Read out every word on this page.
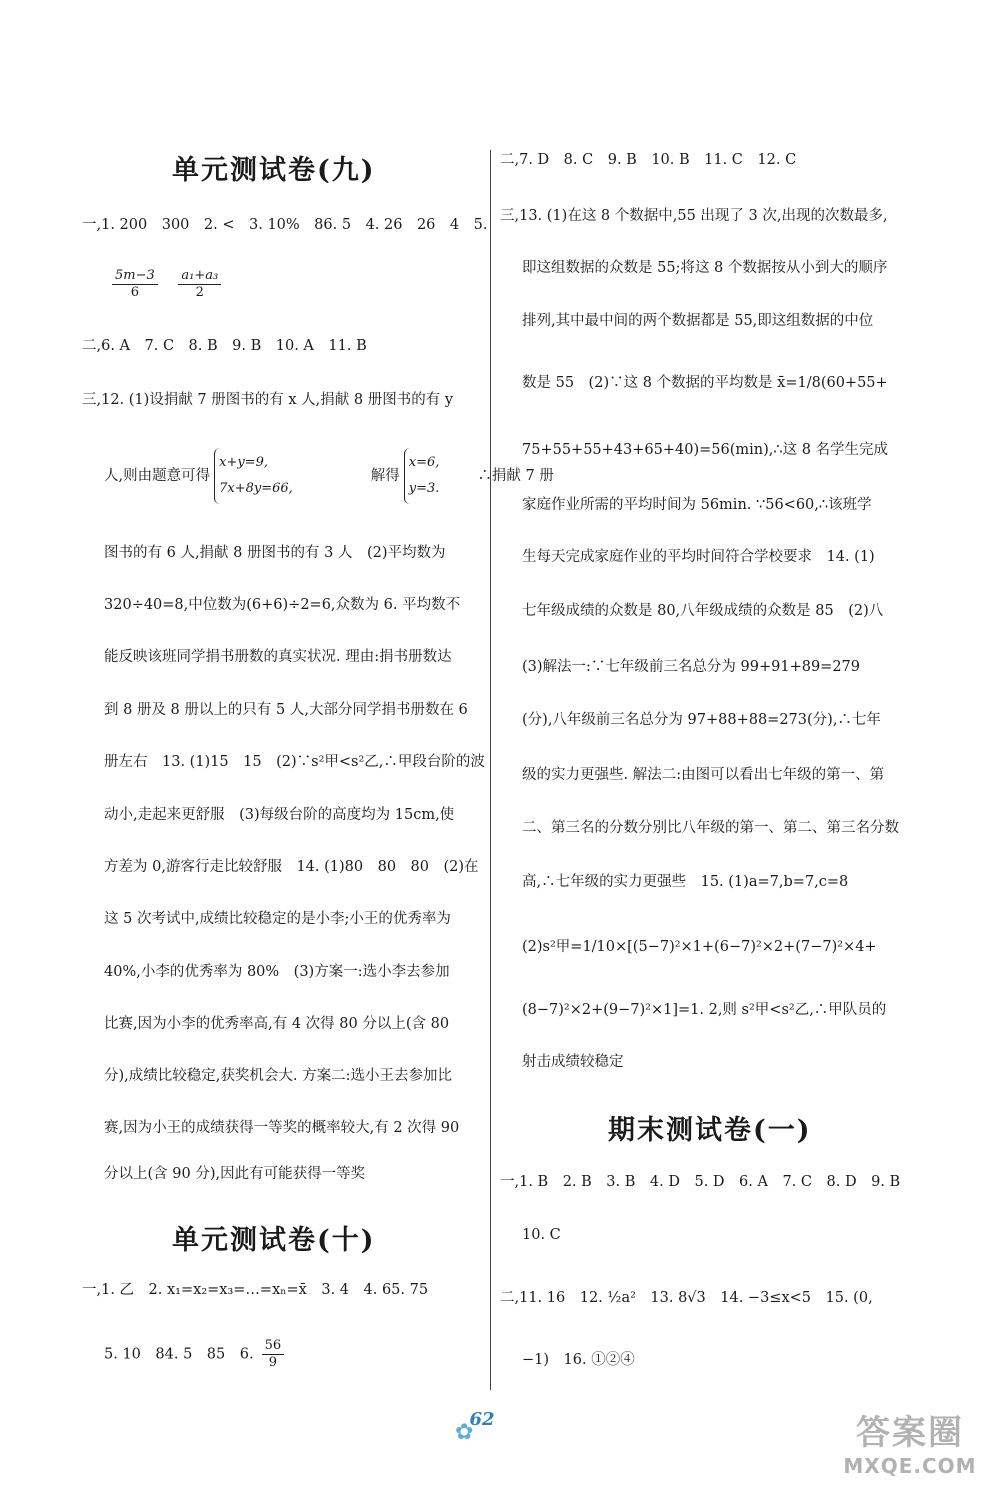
单元测试卷(九)
一,1. 200　300　2. <　3. 10%　86. 5　4. 26　26　4　5.
$\frac{5m-3}{6}$
$\frac{\text{a₁+a₃}}{2}$
二,6. A　7. C　8. B　9. B　10. A　11. B
三,12. (1)设捐献 7 册图书的有 x 人,捐献 8 册图书的有 y
人,则由题意可得
x+y=9,
7x+8y=66,
解得
x=6,
y=3.
∴捐献 7 册
图书的有 6 人,捐献 8 册图书的有 3 人　(2)平均数为
320÷40=8,中位数为(6+6)÷2=6,众数为 6. 平均数不
能反映该班同学捐书册数的真实状况. 理由:捐书册数达
到 8 册及 8 册以上的只有 5 人,大部分同学捐书册数在 6
册左右　13. (1)15　15　(2)∵s²甲<s²乙,∴甲段台阶的波
动小,走起来更舒服　(3)每级台阶的高度均为 15cm,使
方差为 0,游客行走比较舒服　14. (1)80　80　80　(2)在
这 5 次考试中,成绩比较稳定的是小李;小王的优秀率为
40%,小李的优秀率为 80%　(3)方案一:选小李去参加
比赛,因为小李的优秀率高,有 4 次得 80 分以上(含 80
分),成绩比较稳定,获奖机会大. 方案二:选小王去参加比
赛,因为小王的成绩获得一等奖的概率较大,有 2 次得 90
分以上(含 90 分),因此有可能获得一等奖
单元测试卷(十)
一,1. 乙　2. x₁=x₂=x₃=…=xₙ=x̄　3. 4　4. 65. 75
5. 10　84. 5　85　6. $\frac{56}{9}$
二,7. D　8. C　9. B　10. B　11. C　12. C
三,13. (1)在这 8 个数据中,55 出现了 3 次,出现的次数最多,
即这组数据的众数是 55;将这 8 个数据按从小到大的顺序
排列,其中最中间的两个数据都是 55,即这组数据的中位
数是 55　(2)∵这 8 个数据的平均数是 x̄=1/8(60+55+
75+55+55+43+65+40)=56(min),∴这 8 名学生完成
家庭作业所需的平均时间为 56min. ∵56<60,∴该班学
生每天完成家庭作业的平均时间符合学校要求　14. (1)
七年级成绩的众数是 80,八年级成绩的众数是 85　(2)八
(3)解法一:∵七年级前三名总分为 99+91+89=279
(分),八年级前三名总分为 97+88+88=273(分),∴七年
级的实力更强些. 解法二:由图可以看出七年级的第一、第
二、第三名的分数分别比八年级的第一、第二、第三名分数
高,∴七年级的实力更强些　15. (1)a=7,b=7,c=8
(2)s²甲=1/10×[(5−7)²×1+(6−7)²×2+(7−7)²×4+
(8−7)²×2+(9−7)²×1]=1. 2,则 s²甲<s²乙,∴甲队员的
射击成绩较稳定
期末测试卷(一)
一,1. B　2. B　3. B　4. D　5. D　6. A　7. C　8. D　9. B
10. C
二,11. 16　12. ½a²　13. 8√3　14. −3≤x<5　15. (0,
−1)　16. ①②④
✿
62	答案圈
MXQE.COM
